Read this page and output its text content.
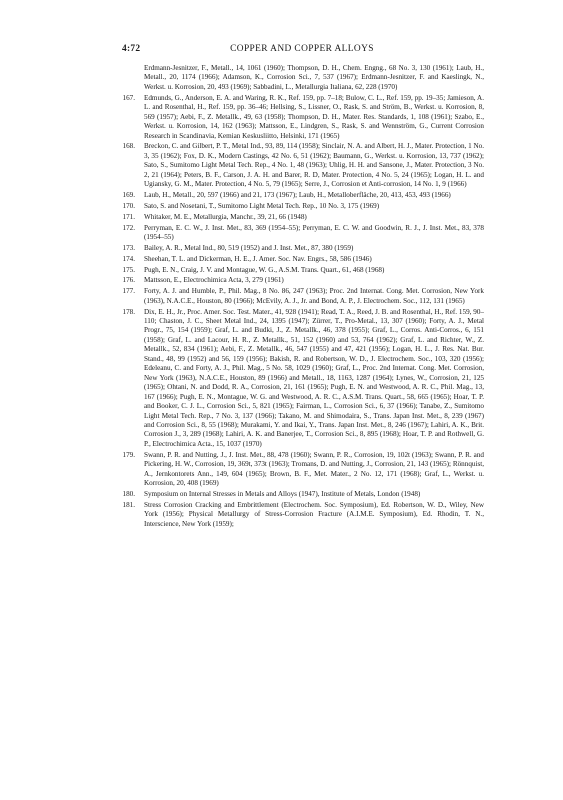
4:72	COPPER AND COPPER ALLOYS
Erdmann-Jesnitzer, F., Metall., 14, 1061 (1960); Thompson, D. H., Chem. Engng., 68 No. 3, 130 (1961); Laub, H., Metall., 20, 1174 (1966); Adamson, K., Corrosion Sci., 7, 537 (1967); Erdmann-Jesnitzer, F. and Kaeslingk, N., Werkst. u. Korrosion, 20, 493 (1969); Sabbadini, L., Metallurgia Italiana, 62, 228 (1970)
167. Edmunds, G., Anderson, E. A. and Waring, R. K., Ref. 159, pp. 7–18; Bulow, C. L., Ref. 159, pp. 19–35; Jamieson, A. L. and Rosenthal, H., Ref. 159, pp. 36–46; Hellsing, S., Lissner, O., Rask, S. and Ström, B., Werkst. u. Korrosion, 8, 569 (1957); Aebi, F., Z. Metallk., 49, 63 (1958); Thompson, D. H., Mater. Res. Standards, 1, 108 (1961); Szabo, E., Werkst. u. Korrosion, 14, 162 (1963); Mattsson, E., Lindgren, S., Rask, S. and Wennström, G., Current Corrosion Research in Scandinavia, Kemian Keskusliitto, Helsinki, 171 (1965)
168. Breckon, C. and Gilbert, P. T., Metal Ind., 93, 89, 114 (1958); Sinclair, N. A. and Albert, H. J., Mater. Protection, 1 No. 3, 35 (1962); Fox, D. K., Modern Castings, 42 No. 6, 51 (1962); Baumann, G., Werkst. u. Korrosion, 13, 737 (1962); Sato, S., Sumitomo Light Metal Tech. Rep., 4 No. 1, 48 (1963); Uhlig, H. H. and Sansone, J., Mater. Protection, 3 No. 2, 21 (1964); Peters, B. F., Carson, J. A. H. and Barer, R. D, Mater. Protection, 4 No. 5, 24 (1965); Logan, H. L. and Ugiansky, G. M., Mater. Protection, 4 No. 5, 79 (1965); Serre, J., Corrosion et Anti-corrosion, 14 No. 1, 9 (1966)
169. Laub, H., Metall., 20, 597 (1966) and 21, 173 (1967); Laub, H., Metalloberfläche, 20, 413, 453, 493 (1966)
170. Sato, S. and Nosetani, T., Sumitomo Light Metal Tech. Rep., 10 No. 3, 175 (1969)
171. Whitaker, M. E., Metallurgia, Manchr., 39, 21, 66 (1948)
172. Perryman, E. C. W., J. Inst. Met., 83, 369 (1954–55); Perryman, E. C. W. and Goodwin, R. J., J. Inst. Met., 83, 378 (1954–55)
173. Bailey, A. R., Metal Ind., 80, 519 (1952) and J. Inst. Met., 87, 380 (1959)
174. Sheehan, T. L. and Dickerman, H. E., J. Amer. Soc. Nav. Engrs., 58, 586 (1946)
175. Pugh, E. N., Craig, J. V. and Montague, W. G., A.S.M. Trans. Quart., 61, 468 (1968)
176. Mattsson, E., Electrochimica Acta, 3, 279 (1961)
177. Forty, A. J. and Humble, P., Phil. Mag., 8 No. 86, 247 (1963); Proc. 2nd Internat. Cong. Met. Corrosion, New York (1963), N.A.C.E., Houston, 80 (1966); McEvily, A. J., Jr. and Bond, A. P., J. Electrochem. Soc., 112, 131 (1965)
178. Dix, E. H., Jr., Proc. Amer. Soc. Test. Mater., 41, 928 (1941); Read, T. A., Reed, J. B. and Rosenthal, H., Ref. 159, 90–110; Chaston, J. C., Sheet Metal Ind., 24, 1395 (1947); Zürrer, T., Pro-Metal., 13, 307 (1960); Forty, A. J., Metal Progr., 75, 154 (1959); Graf, L. and Budki, J., Z. Metallk., 46, 378 (1955); Graf, L., Corros. Anti-Corros., 6, 151 (1958); Graf, L. and Lacour, H. R., Z. Metallk., 51, 152 (1960) and 53, 764 (1962); Graf, L. and Richter, W., Z. Metallk., 52, 834 (1961); Aebi, F., Z. Metallk., 46, 547 (1955) and 47, 421 (1956); Logan, H. L., J. Res. Nat. Bur. Stand., 48, 99 (1952) and 56, 159 (1956); Bakish, R. and Robertson, W. D., J. Electrochem. Soc., 103, 320 (1956); Edeleanu, C. and Forty, A. J., Phil. Mag., 5 No. 58, 1029 (1960); Graf, L., Proc. 2nd Internat. Cong. Met. Corrosion, New York (1963), N.A.C.E., Houston, 89 (1966) and Metall., 18, 1163, 1287 (1964); Lynes, W., Corrosion, 21, 125 (1965); Ohtani, N. and Dodd, R. A., Corrosion, 21, 161 (1965); Pugh, E. N. and Westwood, A. R. C., Phil. Mag., 13, 167 (1966); Pugh, E. N., Montague, W. G. and Westwood, A. R. C., A.S.M. Trans. Quart., 58, 665 (1965); Hoar, T. P. and Booker, C. J. L., Corrosion Sci., 5, 821 (1965); Fairman, L., Corrosion Sci., 6, 37 (1966); Tanabe, Z., Sumitomo Light Metal Tech. Rep., 7 No. 3, 137 (1966); Takano, M. and Shimodaira, S., Trans. Japan Inst. Met., 8, 239 (1967) and Corrosion Sci., 8, 55 (1968); Murakami, Y. and Ikai, Y., Trans. Japan Inst. Met., 8, 246 (1967); Lahiri, A. K., Brit. Corrosion J., 3, 289 (1968); Lahiri, A. K. and Banerjee, T., Corrosion Sci., 8, 895 (1968); Hoar, T. P. and Rothwell, G. P., Electrochimica Acta., 15, 1037 (1970)
179. Swann, P. R. and Nutting, J., J. Inst. Met., 88, 478 (1960); Swann, P. R., Corrosion, 19, 102t (1963); Swann, P. R. and Pickering, H. W., Corrosion, 19, 369t, 373t (1963); Tromans, D. and Nutting, J., Corrosion, 21, 143 (1965); Rönnquist, A., Jernkontorets Ann., 149, 604 (1965); Brown, B. F., Met. Mater., 2 No. 12, 171 (1968); Graf, L., Werkst. u. Korrosion, 20, 408 (1969)
180. Symposium on Internal Stresses in Metals and Alloys (1947), Institute of Metals, London (1948)
181. Stress Corrosion Cracking and Embrittlement (Electrochem. Soc. Symposium), Ed. Robertson, W. D., Wiley, New York (1956); Physical Metallurgy of Stress-Corrosion Fracture (A.I.M.E. Symposium), Ed. Rhodin, T. N., Interscience, New York (1959);
